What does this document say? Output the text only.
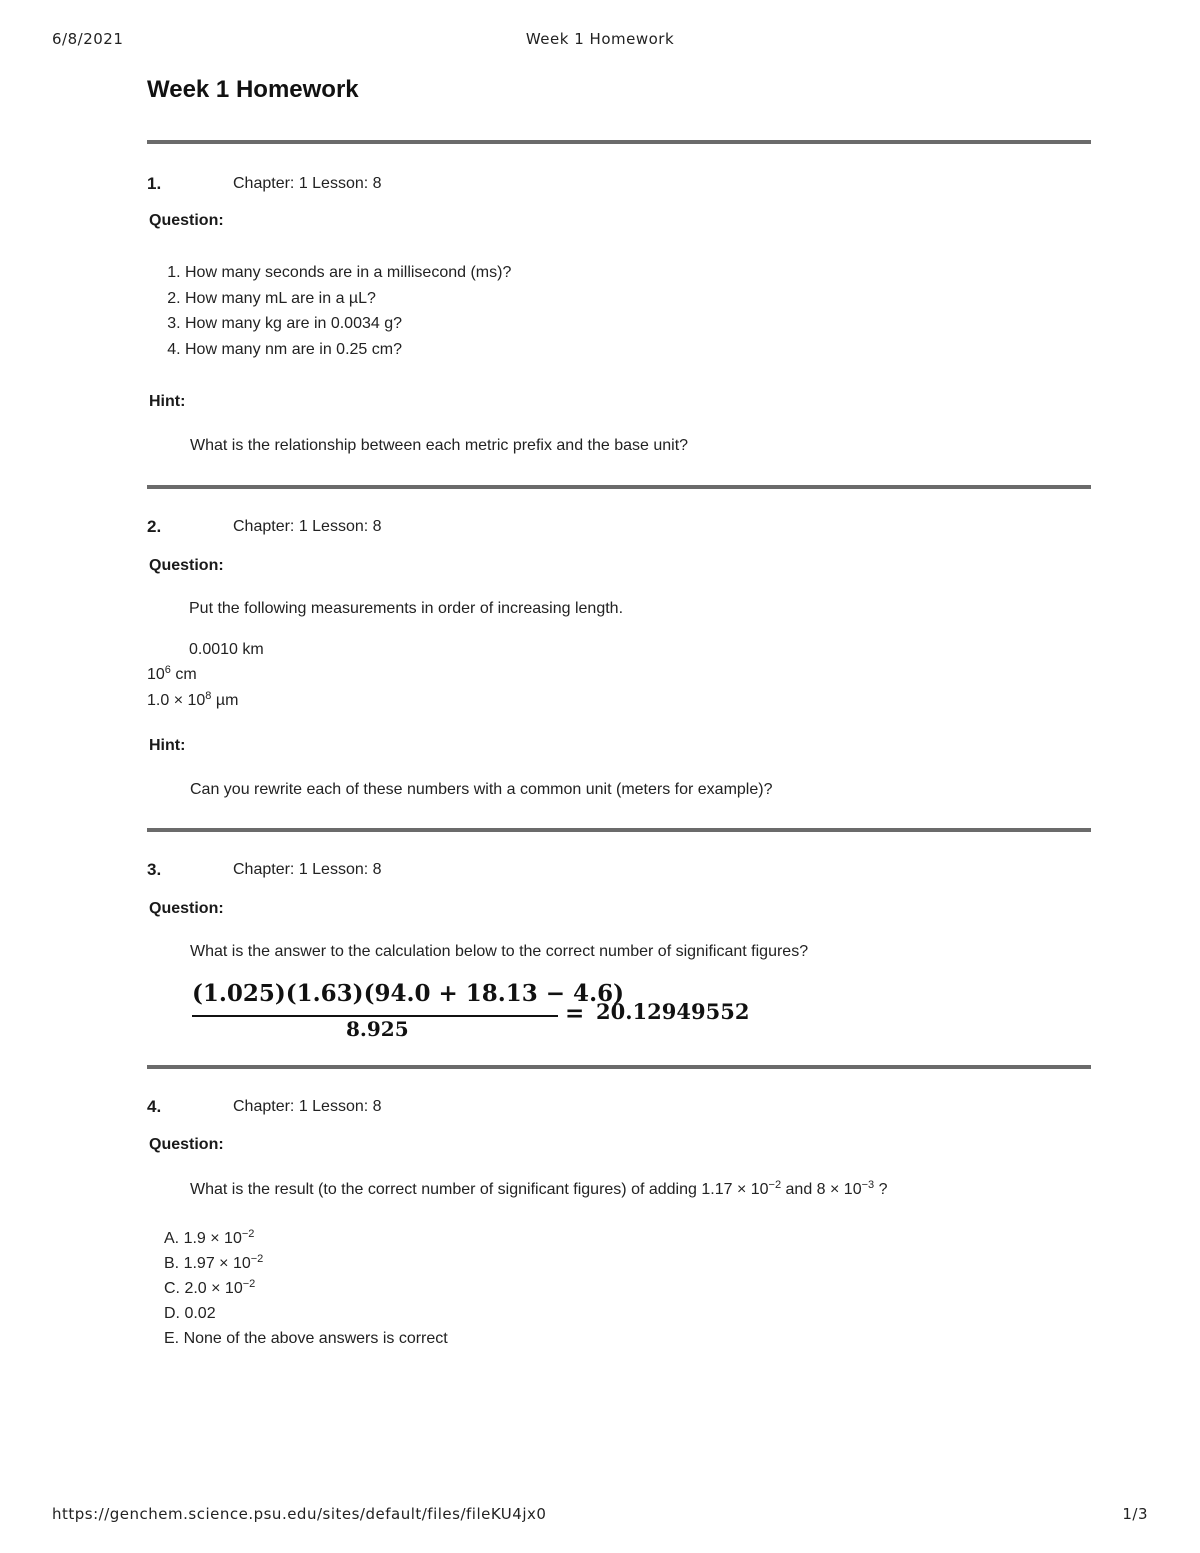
6/8/2021	Week 1 Homework
https://genchem.science.psu.edu/sites/default/files/fileKU4jx0	1/3
Week 1 Homework
1.	Chapter: 1 Lesson: 8
Question:
1. How many seconds are in a millisecond (ms)?
2. How many mL are in a µL?
3. How many kg are in 0.0034 g?
4. How many nm are in 0.25 cm?
Hint:
What is the relationship between each metric prefix and the base unit?
2.	Chapter: 1 Lesson: 8
Question:
Put the following measurements in order of increasing length.
0.0010 km
$10^6$ cm
$1.0 \times 10^8$ µm
Hint:
Can you rewrite each of these numbers with a common unit (meters for example)?
3.	Chapter: 1 Lesson: 8
Question:
What is the answer to the calculation below to the correct number of significant figures?
(1.025)(1.63)(94.0 + 18.13 − 4.6)
8.925
= 20.12949552
4.	Chapter: 1 Lesson: 8
Question:
What is the result (to the correct number of significant figures) of adding $1.17 \times 10^{-2}$ and $8 \times 10^{-3}$ ?
A. $1.9 \times 10^{-2}$
B. $1.97 \times 10^{-2}$
C. $2.0 \times 10^{-2}$
D. 0.02
E. None of the above answers is correct
